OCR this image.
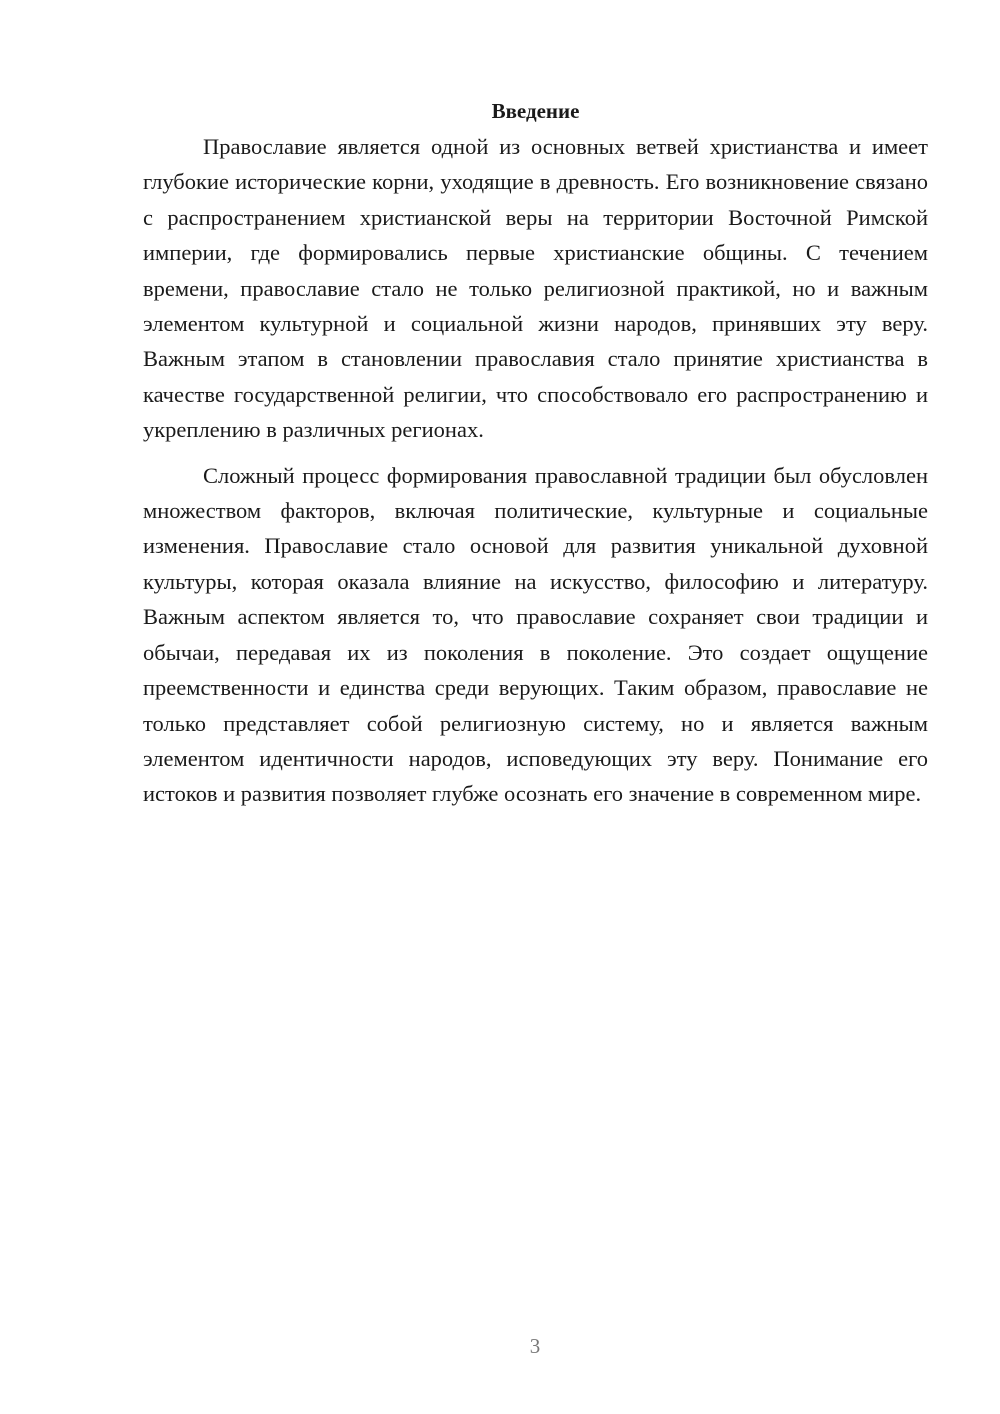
Введение

Православие является одной из основных ветвей христианства и имеет глубокие исторические корни, уходящие в древность. Его возникновение связано с распространением христианской веры на территории Восточной Римской империи, где формировались первые христианские общины. С течением времени, православие стало не только религиозной практикой, но и важным элементом культурной и социальной жизни народов, принявших эту веру. Важным этапом в становлении православия стало принятие христианства в качестве государственной религии, что способствовало его распространению и укреплению в различных регионах.

Сложный процесс формирования православной традиции был обусловлен множеством факторов, включая политические, культурные и социальные изменения. Православие стало основой для развития уникальной духовной культуры, которая оказала влияние на искусство, философию и литературу. Важным аспектом является то, что православие сохраняет свои традиции и обычаи, передавая их из поколения в поколение. Это создает ощущение преемственности и единства среди верующих. Таким образом, православие не только представляет собой религиозную систему, но и является важным элементом идентичности народов, исповедующих эту веру. Понимание его истоков и развития позволяет глубже осознать его значение в современном мире.

3
